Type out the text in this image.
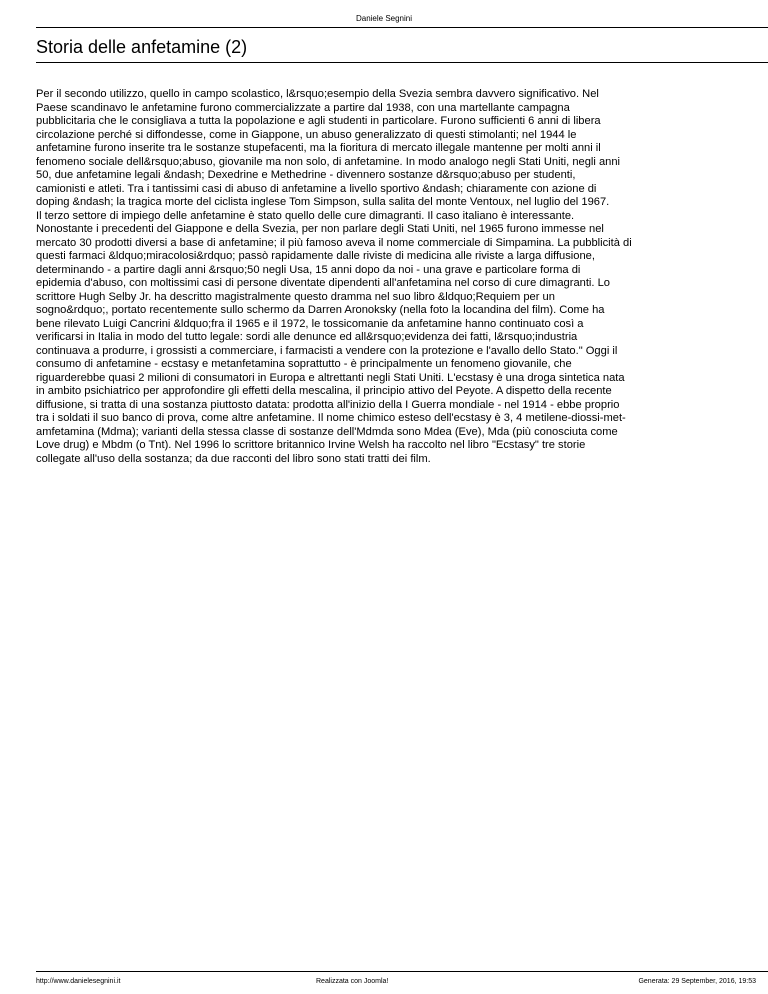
Daniele Segnini
Storia delle anfetamine (2)

Per il secondo utilizzo, quello in campo scolastico, l&rsquo;esempio della Svezia sembra davvero significativo. Nel
Paese scandinavo le anfetamine furono commercializzate a partire dal 1938, con una martellante campagna
pubblicitaria che le consigliava a tutta la popolazione e agli studenti in particolare. Furono sufficienti 6 anni di libera
circolazione perché si diffondesse, come in Giappone, un abuso generalizzato di questi stimolanti; nel 1944 le
anfetamine furono inserite tra le sostanze stupefacenti, ma la fioritura di mercato illegale mantenne per molti anni il
fenomeno sociale dell&rsquo;abuso, giovanile ma non solo, di anfetamine. In modo analogo negli Stati Uniti, negli anni
50, due anfetamine legali &ndash; Dexedrine e Methedrine - divennero sostanze d&rsquo;abuso per studenti,
camionisti e atleti. Tra i tantissimi casi di abuso di anfetamine a livello sportivo &ndash; chiaramente con azione di
doping &ndash; la tragica morte del ciclista inglese Tom Simpson, sulla salita del monte Ventoux, nel luglio del 1967.
Il terzo settore di impiego delle anfetamine è stato quello delle cure dimagranti. Il caso italiano è interessante.
Nonostante i precedenti del Giappone e della Svezia, per non parlare degli Stati Uniti, nel 1965 furono immesse nel
mercato 30 prodotti diversi a base di anfetamine; il più famoso aveva il nome commerciale di Simpamina. La pubblicità di
questi farmaci &ldquo;miracolosi&rdquo; passò rapidamente dalle riviste di medicina alle riviste a larga diffusione,
determinando - a partire dagli anni &rsquo;50 negli Usa, 15 anni dopo da noi - una grave e particolare forma di
epidemia d'abuso, con moltissimi casi di persone diventate dipendenti all'anfetamina nel corso di cure dimagranti. Lo
scrittore Hugh Selby Jr. ha descritto magistralmente questo dramma nel suo libro &ldquo;Requiem per un
sogno&rdquo;, portato recentemente sullo schermo da Darren Aronoksky (nella foto la locandina del film). Come ha
bene rilevato Luigi Cancrini &ldquo;fra il 1965 e il 1972, le tossicomanie da anfetamine hanno continuato così a
verificarsi in Italia in modo del tutto legale: sordi alle denunce ed all&rsquo;evidenza dei fatti, l&rsquo;industria
continuava a produrre, i grossisti a commerciare, i farmacisti a vendere con la protezione e l'avallo dello Stato." Oggi il
consumo di anfetamine - ecstasy e metanfetamina soprattutto - è principalmente un fenomeno giovanile, che
riguarderebbe quasi 2 milioni di consumatori in Europa e altrettanti negli Stati Uniti. L'ecstasy è una droga sintetica nata
in ambito psichiatrico per approfondire gli effetti della mescalina, il principio attivo del Peyote. A dispetto della recente
diffusione, si tratta di una sostanza piuttosto datata: prodotta all'inizio della I Guerra mondiale - nel 1914 - ebbe proprio
tra i soldati il suo banco di prova, come altre anfetamine. Il nome chimico esteso dell'ecstasy è 3, 4 metilene-diossi-met-
amfetamina (Mdma); varianti della stessa classe di sostanze dell'Mdmda sono Mdea (Eve), Mda (più conosciuta come
Love drug) e Mbdm (o Tnt). Nel 1996 lo scrittore britannico Irvine Welsh ha raccolto nel libro "Ecstasy" tre storie
collegate all'uso della sostanza; da due racconti del libro sono stati tratti dei film.

http://www.danielesegnini.it	Realizzata con Joomla!	Generata: 29 September, 2016, 19:53
